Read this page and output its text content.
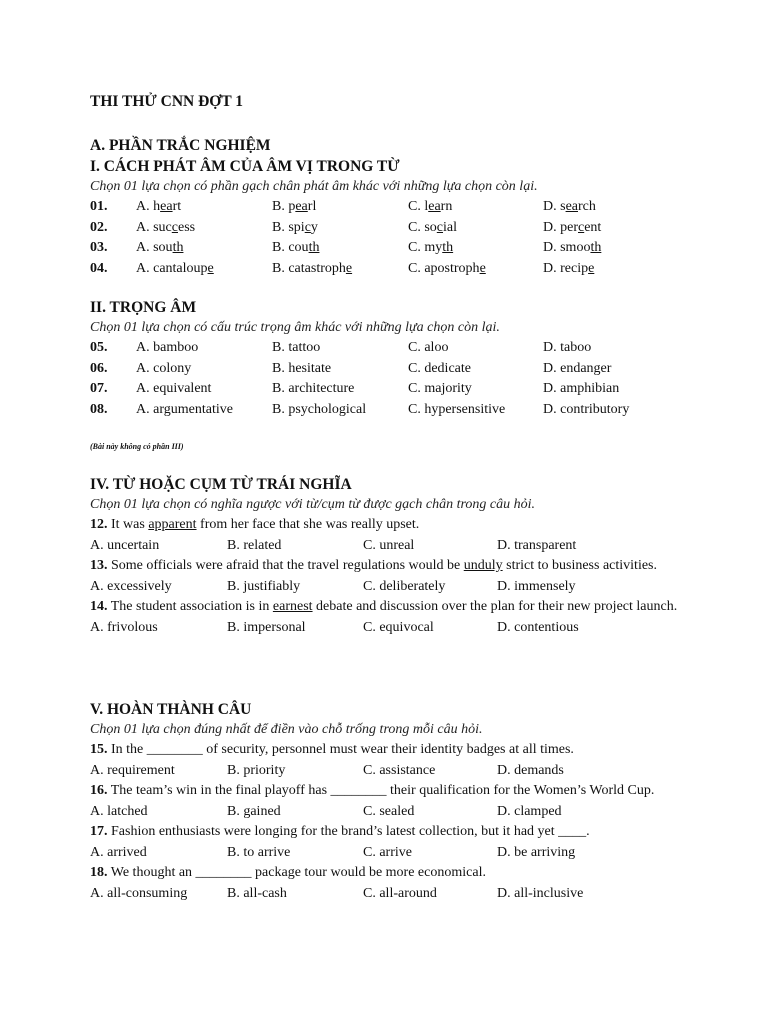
THI THỬ CNN ĐỢT 1
A. PHẦN TRẮC NGHIỆM
I. CÁCH PHÁT ÂM CỦA ÂM VỊ TRONG TỪ
Chọn 01 lựa chọn có phần gạch chân phát âm khác với những lựa chọn còn lại.
01. A. heart	B. pearl	C. learn	D. search
02. A. success	B. spicy	C. social	D. percent
03. A. south	B. couth	C. myth	D. smooth
04. A. cantaloupe	B. catastrophe	C. apostrophe	D. recipe
II. TRỌNG ÂM
Chọn 01 lựa chọn có cấu trúc trọng âm khác với những lựa chọn còn lại.
05. A. bamboo	B. tattoo	C. aloo	D. taboo
06. A. colony	B. hesitate	C. dedicate	D. endanger
07. A. equivalent	B. architecture	C. majority	D. amphibian
08. A. argumentative	B. psychological	C. hypersensitive	D. contributory
(Bài này không có phần III)
IV. TỪ HOẶC CỤM TỪ TRÁI NGHĨA
Chọn 01 lựa chọn có nghĩa ngược với từ/cụm từ được gạch chân trong câu hỏi.
12. It was apparent from her face that she was really upset.
A. uncertain	B. related	C. unreal	D. transparent
13. Some officials were afraid that the travel regulations would be unduly strict to business activities.
A. excessively	B. justifiably	C. deliberately	D. immensely
14. The student association is in earnest debate and discussion over the plan for their new project launch.
A. frivolous	B. impersonal	C. equivocal	D. contentious
V. HOÀN THÀNH CÂU
Chọn 01 lựa chọn đúng nhất để điền vào chỗ trống trong mỗi câu hỏi.
15. In the ________ of security, personnel must wear their identity badges at all times.
A. requirement	B. priority	C. assistance	D. demands
16. The team’s win in the final playoff has ________ their qualification for the Women’s World Cup.
A. latched	B. gained	C. sealed	D. clamped
17. Fashion enthusiasts were longing for the brand’s latest collection, but it had yet ____.
A. arrived	B. to arrive	C. arrive	D. be arriving
18. We thought an ________ package tour would be more economical.
A. all-consuming	B. all-cash	C. all-around	D. all-inclusive
